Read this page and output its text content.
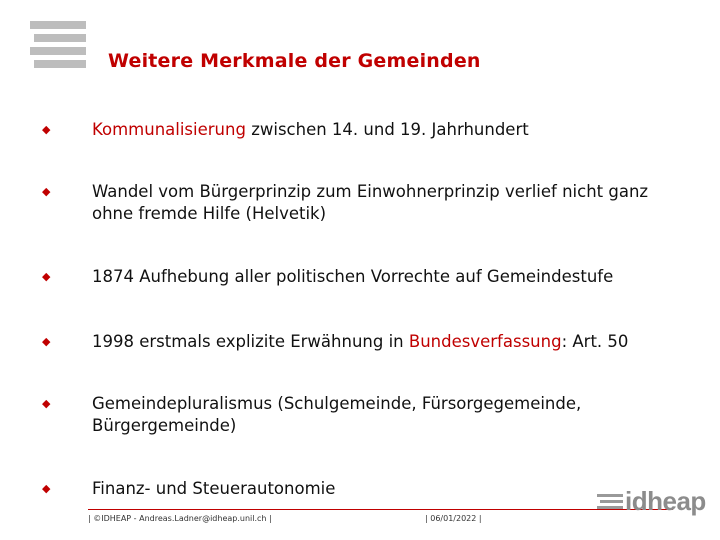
Weitere Merkmale der Gemeinden
◆	Kommunalisierung zwischen 14. und 19. Jahrhundert
◆	Wandel vom Bürgerprinzip zum Einwohnerprinzip verlief nicht ganz ohne fremde Hilfe (Helvetik)
◆	1874 Aufhebung aller politischen Vorrechte auf Gemeindestufe
◆	1998 erstmals explizite Erwähnung in Bundesverfassung: Art. 50
◆	Gemeindepluralismus (Schulgemeinde, Fürsorgegemeinde, Bürgergemeinde)
◆	Finanz- und Steuerautonomie
| ©IDHEAP - Andreas.Ladner@idheap.unil.ch |	| 06/01/2022 |
idheap
